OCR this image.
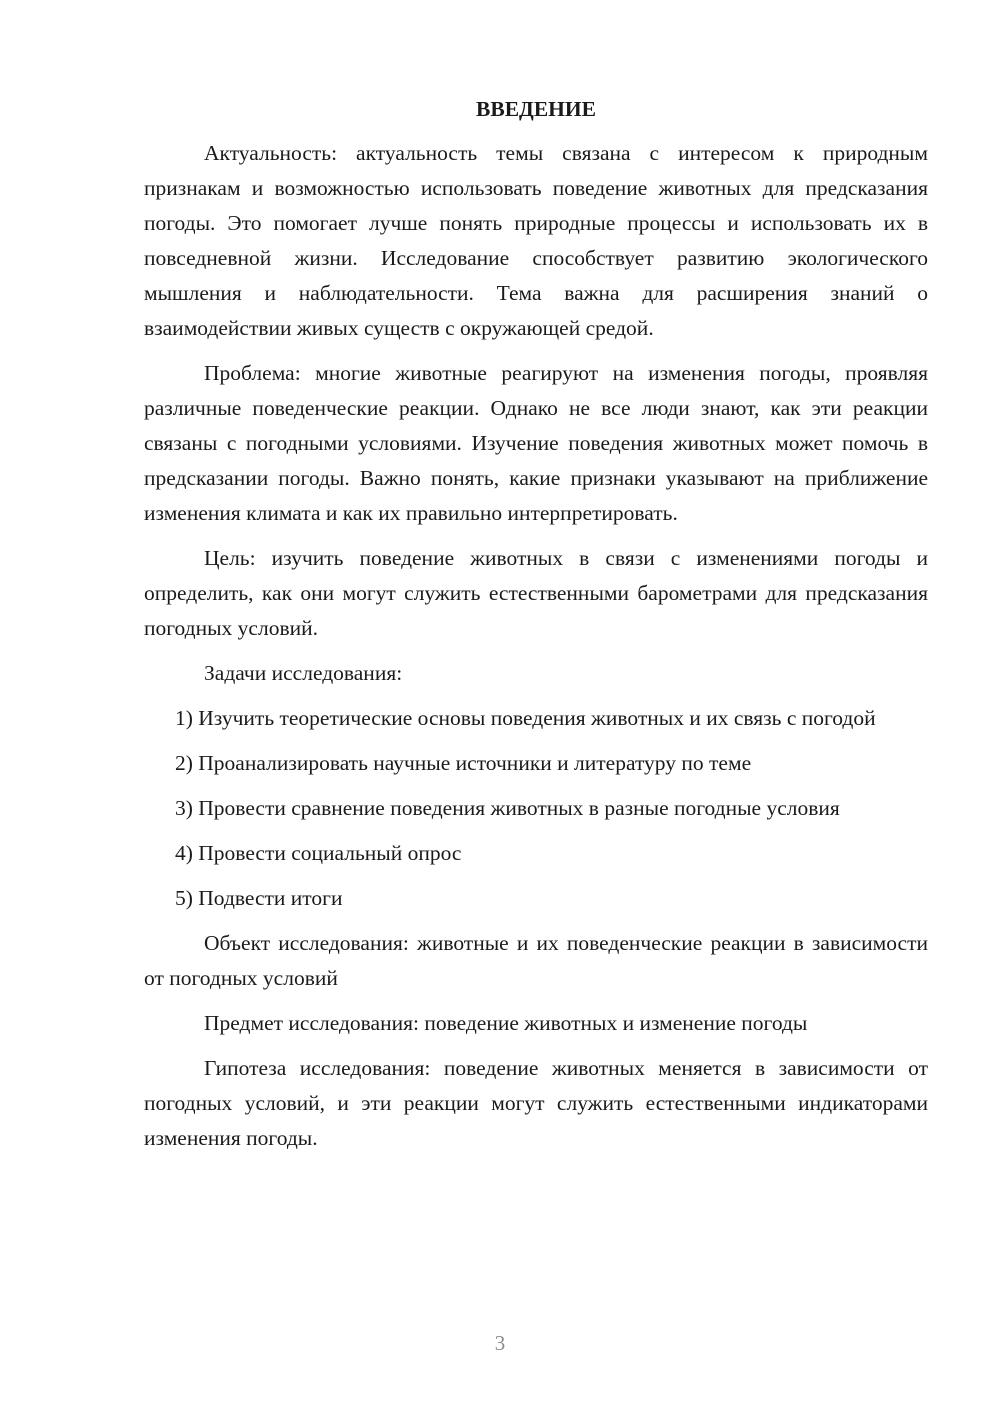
ВВЕДЕНИЕ

Актуальность: актуальность темы связана с интересом к природным признакам и возможностью использовать поведение животных для предсказания погоды. Это помогает лучше понять природные процессы и использовать их в повседневной жизни. Исследование способствует развитию экологического мышления и наблюдательности. Тема важна для расширения знаний о взаимодействии живых существ с окружающей средой.

Проблема: многие животные реагируют на изменения погоды, проявляя различные поведенческие реакции. Однако не все люди знают, как эти реакции связаны с погодными условиями. Изучение поведения животных может помочь в предсказании погоды. Важно понять, какие признаки указывают на приближение изменения климата и как их правильно интерпретировать.

Цель: изучить поведение животных в связи с изменениями погоды и определить, как они могут служить естественными барометрами для предсказания погодных условий.

Задачи исследования:

1) Изучить теоретические основы поведения животных и их связь с погодой

2) Проанализировать научные источники и литературу по теме

3) Провести сравнение поведения животных в разные погодные условия

4) Провести социальный опрос

5) Подвести итоги

Объект исследования: животные и их поведенческие реакции в зависимости от погодных условий

Предмет исследования: поведение животных и изменение погоды

Гипотеза исследования: поведение животных меняется в зависимости от погодных условий, и эти реакции могут служить естественными индикаторами изменения погоды.

3
